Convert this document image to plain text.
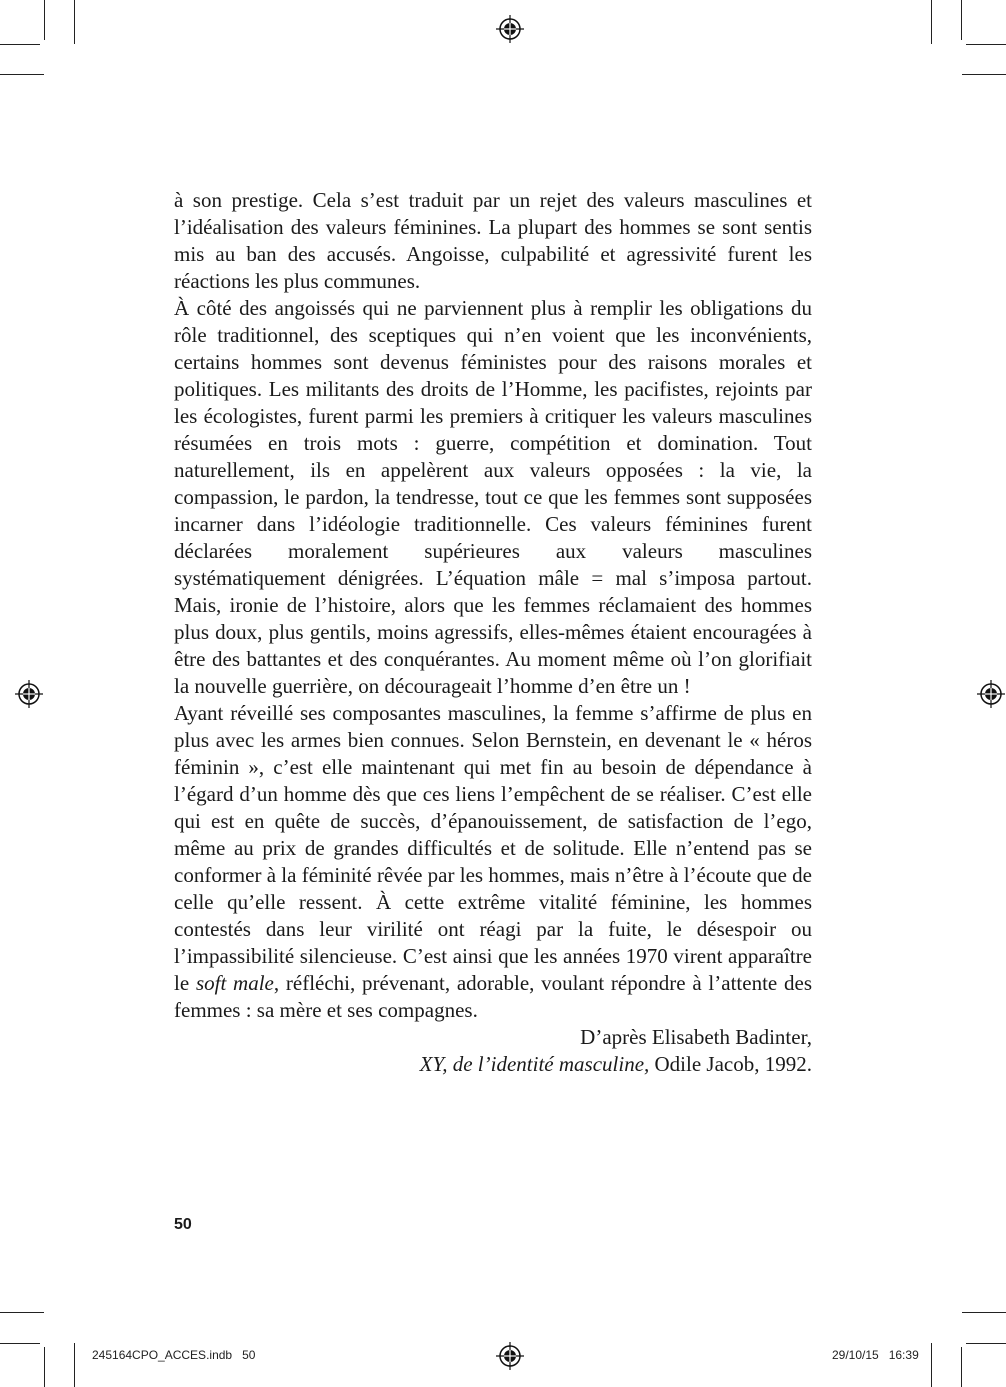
à son prestige. Cela s’est traduit par un rejet des valeurs masculines et l’idéalisation des valeurs féminines. La plupart des hommes se sont sentis mis au ban des accusés. Angoisse, culpabilité et agressivité furent les réactions les plus communes.

À côté des angoissés qui ne parviennent plus à remplir les obligations du rôle traditionnel, des sceptiques qui n’en voient que les inconvénients, certains hommes sont devenus féministes pour des raisons morales et politiques. Les militants des droits de l’Homme, les pacifistes, rejoints par les écologistes, furent parmi les premiers à critiquer les valeurs masculines résumées en trois mots : guerre, compétition et domination. Tout naturellement, ils en appelèrent aux valeurs opposées : la vie, la compassion, le pardon, la tendresse, tout ce que les femmes sont supposées incarner dans l’idéologie traditionnelle. Ces valeurs féminines furent déclarées moralement supérieures aux valeurs masculines systématiquement dénigrées. L’équation mâle = mal s’imposa partout. Mais, ironie de l’histoire, alors que les femmes réclamaient des hommes plus doux, plus gentils, moins agressifs, elles-mêmes étaient encouragées à être des battantes et des conquérantes. Au moment même où l’on glorifiait la nouvelle guerrière, on décourageait l’homme d’en être un !

Ayant réveillé ses composantes masculines, la femme s’affirme de plus en plus avec les armes bien connues. Selon Bernstein, en devenant le « héros féminin », c’est elle maintenant qui met fin au besoin de dépendance à l’égard d’un homme dès que ces liens l’empêchent de se réaliser. C’est elle qui est en quête de succès, d’épanouissement, de satisfaction de l’ego, même au prix de grandes difficultés et de solitude. Elle n’entend pas se conformer à la féminité rêvée par les hommes, mais n’être à l’écoute que de celle qu’elle ressent. À cette extrême vitalité féminine, les hommes contestés dans leur virilité ont réagi par la fuite, le désespoir ou l’impassibilité silencieuse. C’est ainsi que les années 1970 virent apparaître le soft male, réfléchi, prévenant, adorable, voulant répondre à l’attente des femmes : sa mère et ses compagnes.

D’après Elisabeth Badinter,

XY, de l’identité masculine, Odile Jacob, 1992.

50
245164CPO_ACCES.indb   50	29/10/15   16:39
